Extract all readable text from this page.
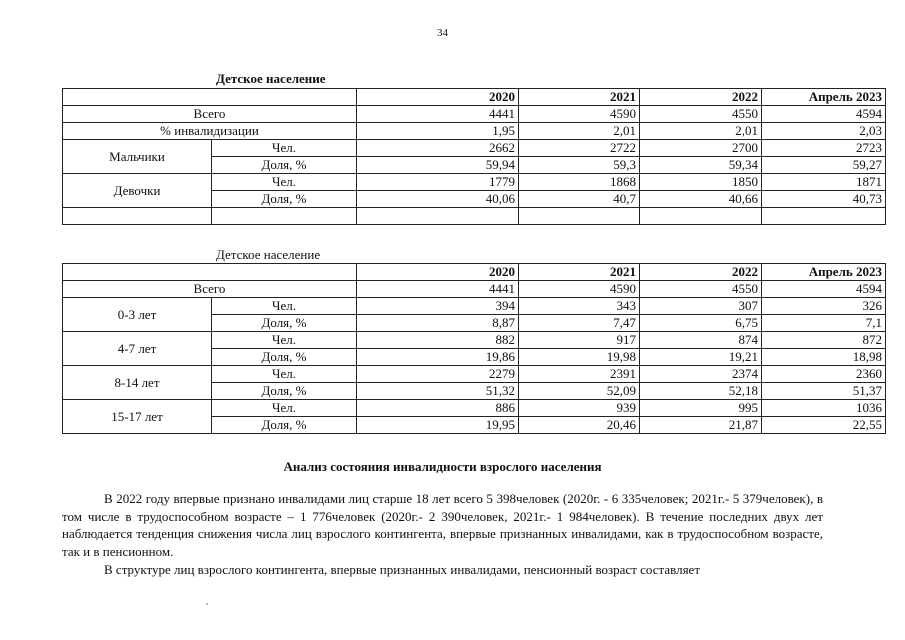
34
Детское население
		2020	2021	2022	Апрель 2023
Всего		4441	4590	4550	4594
% инвалидизации		1,95	2,01	2,01	2,03
Мальчики	Чел.	2662	2722	2700	2723
	Доля, %	59,94	59,3	59,34	59,27
Девочки	Чел.	1779	1868	1850	1871
	Доля, %	40,06	40,7	40,66	40,73

Детское население
		2020	2021	2022	Апрель 2023
Всего		4441	4590	4550	4594
0-3 лет	Чел.	394	343	307	326
	Доля, %	8,87	7,47	6,75	7,1
4-7 лет	Чел.	882	917	874	872
	Доля, %	19,86	19,98	19,21	18,98
8-14 лет	Чел.	2279	2391	2374	2360
	Доля, %	51,32	52,09	52,18	51,37
15-17 лет	Чел.	886	939	995	1036
	Доля, %	19,95	20,46	21,87	22,55
Анализ состояния инвалидности взрослого населения

В 2022 году впервые признано инвалидами лиц старше 18 лет всего 5 398человек (2020г. - 6 335человек; 2021г.- 5 379человек), в том числе в трудоспособном возрасте – 1 776человек (2020г.- 2 390человек, 2021г.- 1 984человек). В течение последних двух лет наблюдается тенденция снижения числа лиц взрослого контингента, впервые признанных инвалидами, как в трудоспособном возрасте, так и в пенсионном.

В структуре лиц взрослого контингента, впервые признанных инвалидами, пенсионный возраст составляет
